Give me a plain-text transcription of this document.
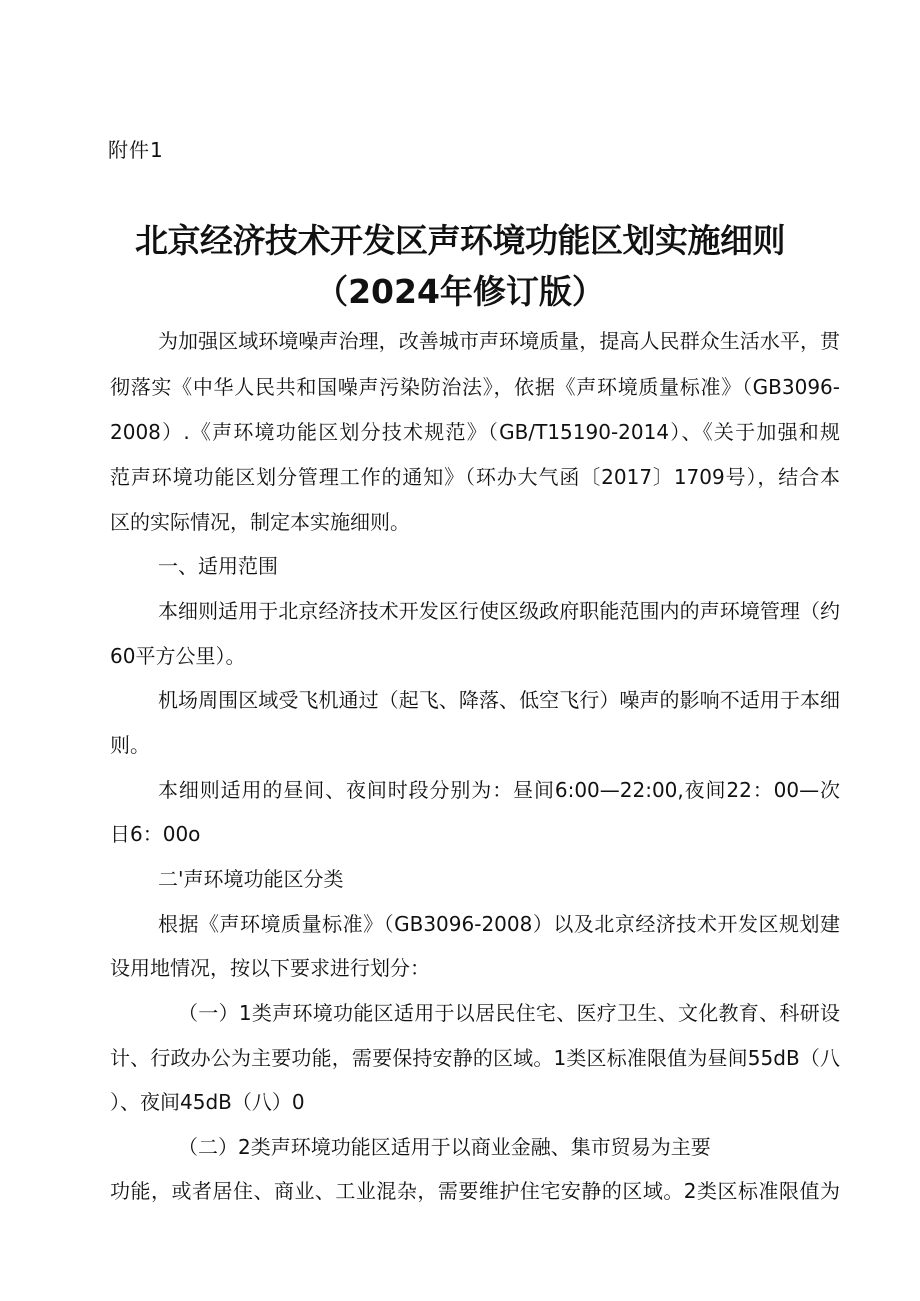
附件1
北京经济技术开发区声环境功能区划实施细则
（2024年修订版）
为加强区域环境噪声治理，改善城市声环境质量，提高人民群众生活水平，贯
彻落实《中华人民共和国噪声污染防治法》，依据《声环境质量标准》（GB3096-
2008）.《声环境功能区划分技术规范》（GB/T15190-2014）、《关于加强和规
范声环境功能区划分管理工作的通知》（环办大气函〔2017〕1709号），结合本
区的实际情况，制定本实施细则。
一、适用范围
本细则适用于北京经济技术开发区行使区级政府职能范围内的声环境管理（约
60平方公里）。
机场周围区域受飞机通过（起飞、降落、低空飞行）噪声的影响不适用于本细
则。
本细则适用的昼间、夜间时段分别为：昼间6:00—22:00,夜间22：00—次
日6：00o
二'声环境功能区分类
根据《声环境质量标准》（GB3096-2008）以及北京经济技术开发区规划建
设用地情况，按以下要求进行划分：
（一）1类声环境功能区适用于以居民住宅、医疗卫生、文化教育、科研设
计、行政办公为主要功能，需要保持安静的区域。1类区标准限值为昼间55dB（八
）、夜间45dB（八）0
（二）2类声环境功能区适用于以商业金融、集市贸易为主要
功能，或者居住、商业、工业混杂，需要维护住宅安静的区域。2类区标准限值为
